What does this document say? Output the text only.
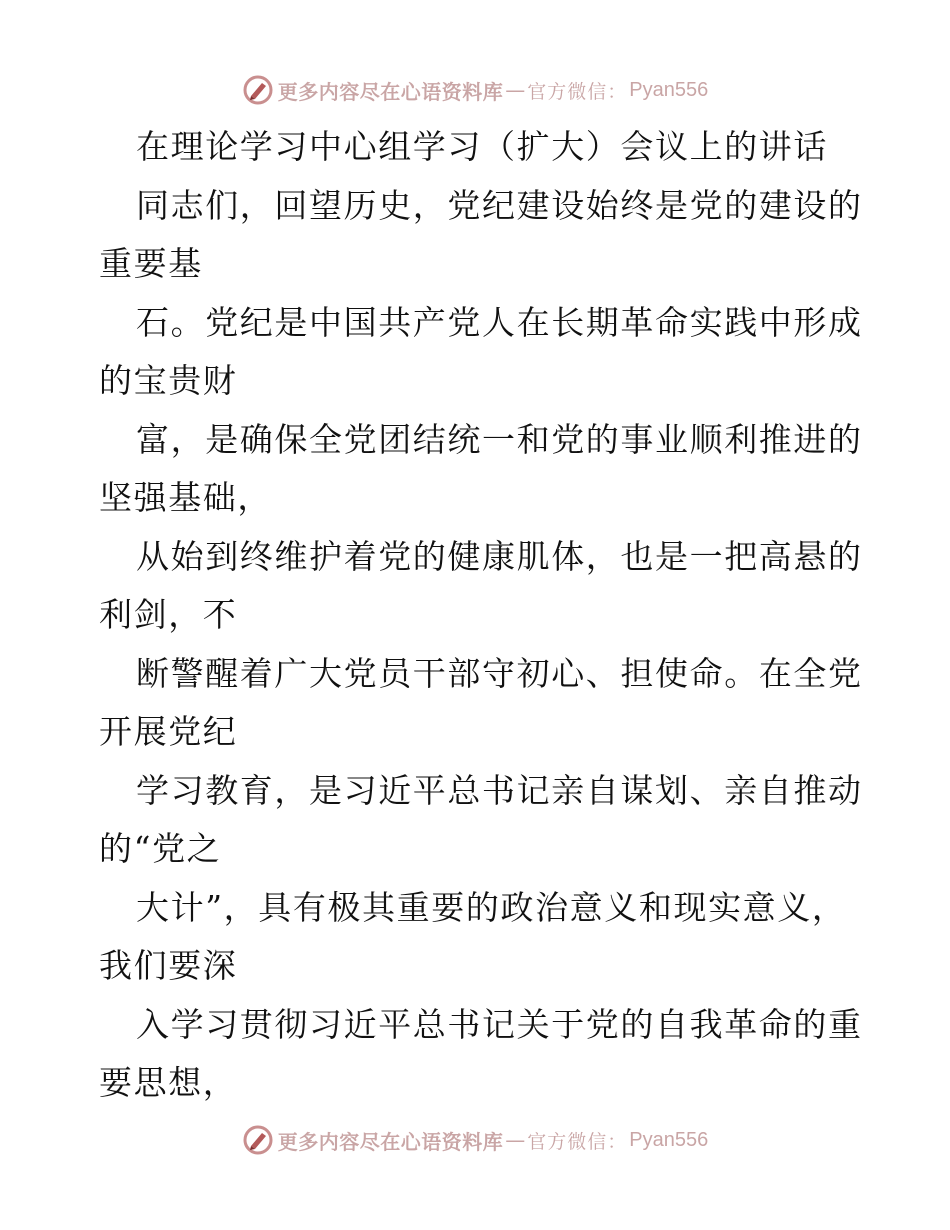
更多内容尽在心语资料库 — 官方微信： Pyan556
在理论学习中心组学习（扩大）会议上的讲话
同志们，回望历史，党纪建设始终是党的建设的
重要基
石。党纪是中国共产党人在长期革命实践中形成
的宝贵财
富，是确保全党团结统一和党的事业顺利推进的
坚强基础，
从始到终维护着党的健康肌体，也是一把高悬的
利剑，不
断警醒着广大党员干部守初心、担使命。在全党
开展党纪
学习教育，是习近平总书记亲自谋划、亲自推动
的“党之
大计”，具有极其重要的政治意义和现实意义，
我们要深
入学习贯彻习近平总书记关于党的自我革命的重
要思想，
更多内容尽在心语资料库 — 官方微信： Pyan556
